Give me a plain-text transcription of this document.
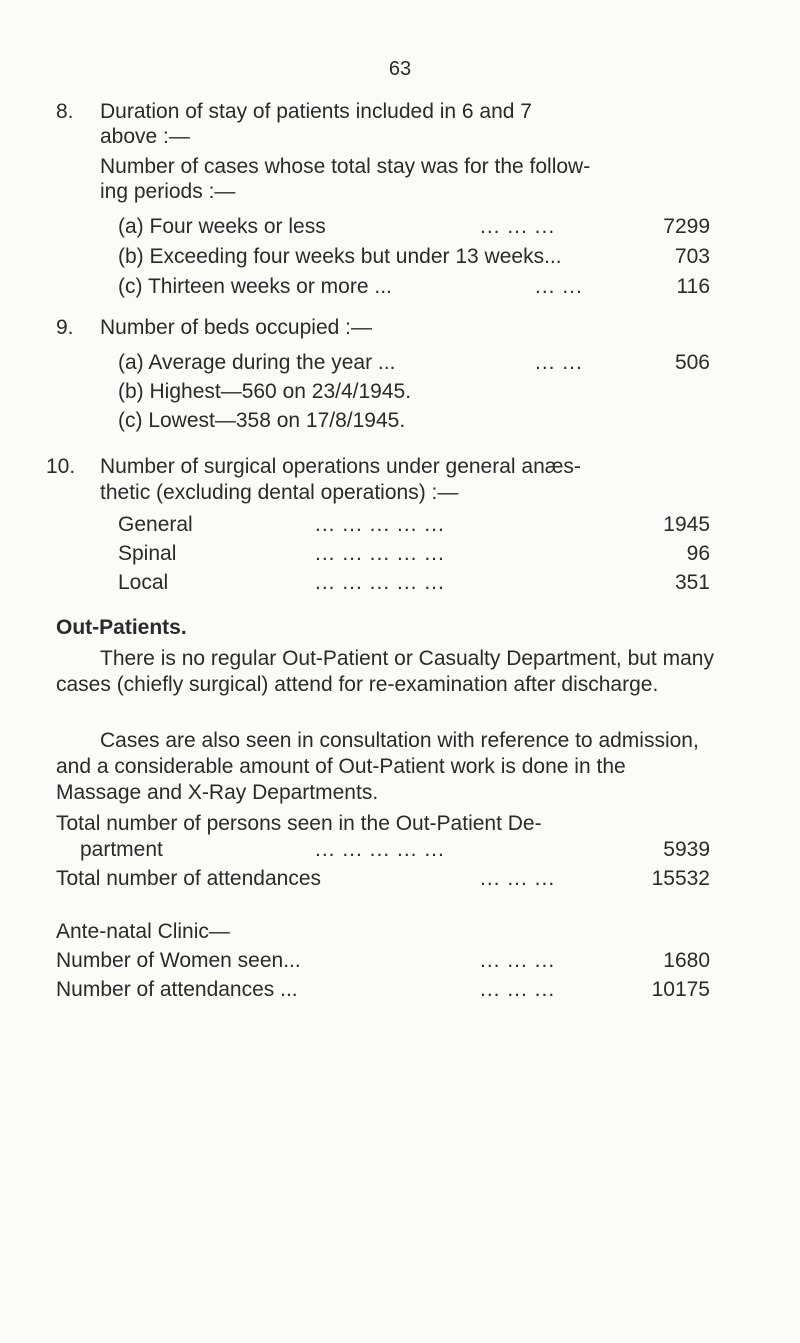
63
8. Duration of stay of patients included in 6 and 7
above :—
Number of cases whose total stay was for the follow-
ing periods :—
(a) Four weeks or less	... ... ...	7299
(b) Exceeding four weeks but under 13 weeks...	703
(c) Thirteen weeks or more ...	... ...	116
9. Number of beds occupied :—
(a) Average during the year ...	... ...	506
(b) Highest—560 on 23/4/1945.
(c) Lowest—358 on 17/8/1945.
10. Number of surgical operations under general anæs-
thetic (excluding dental operations) :—
General	... ... ... ... ...	1945
Spinal	... ... ... ... ...	96
Local	... ... ... ... ...	351
Out-Patients.
There is no regular Out-Patient or Casualty Department, but many cases (chiefly surgical) attend for re-examination after discharge.
Cases are also seen in consultation with reference to admission, and a considerable amount of Out-Patient work is done in the Massage and X-Ray Departments.
Total number of persons seen in the Out-Patient De-
partment	... ... ... ... ...	5939
Total number of attendances	... ... ...	15532
Ante-natal Clinic—
Number of Women seen...	... ... ...	1680
Number of attendances ...	... ... ...	10175
